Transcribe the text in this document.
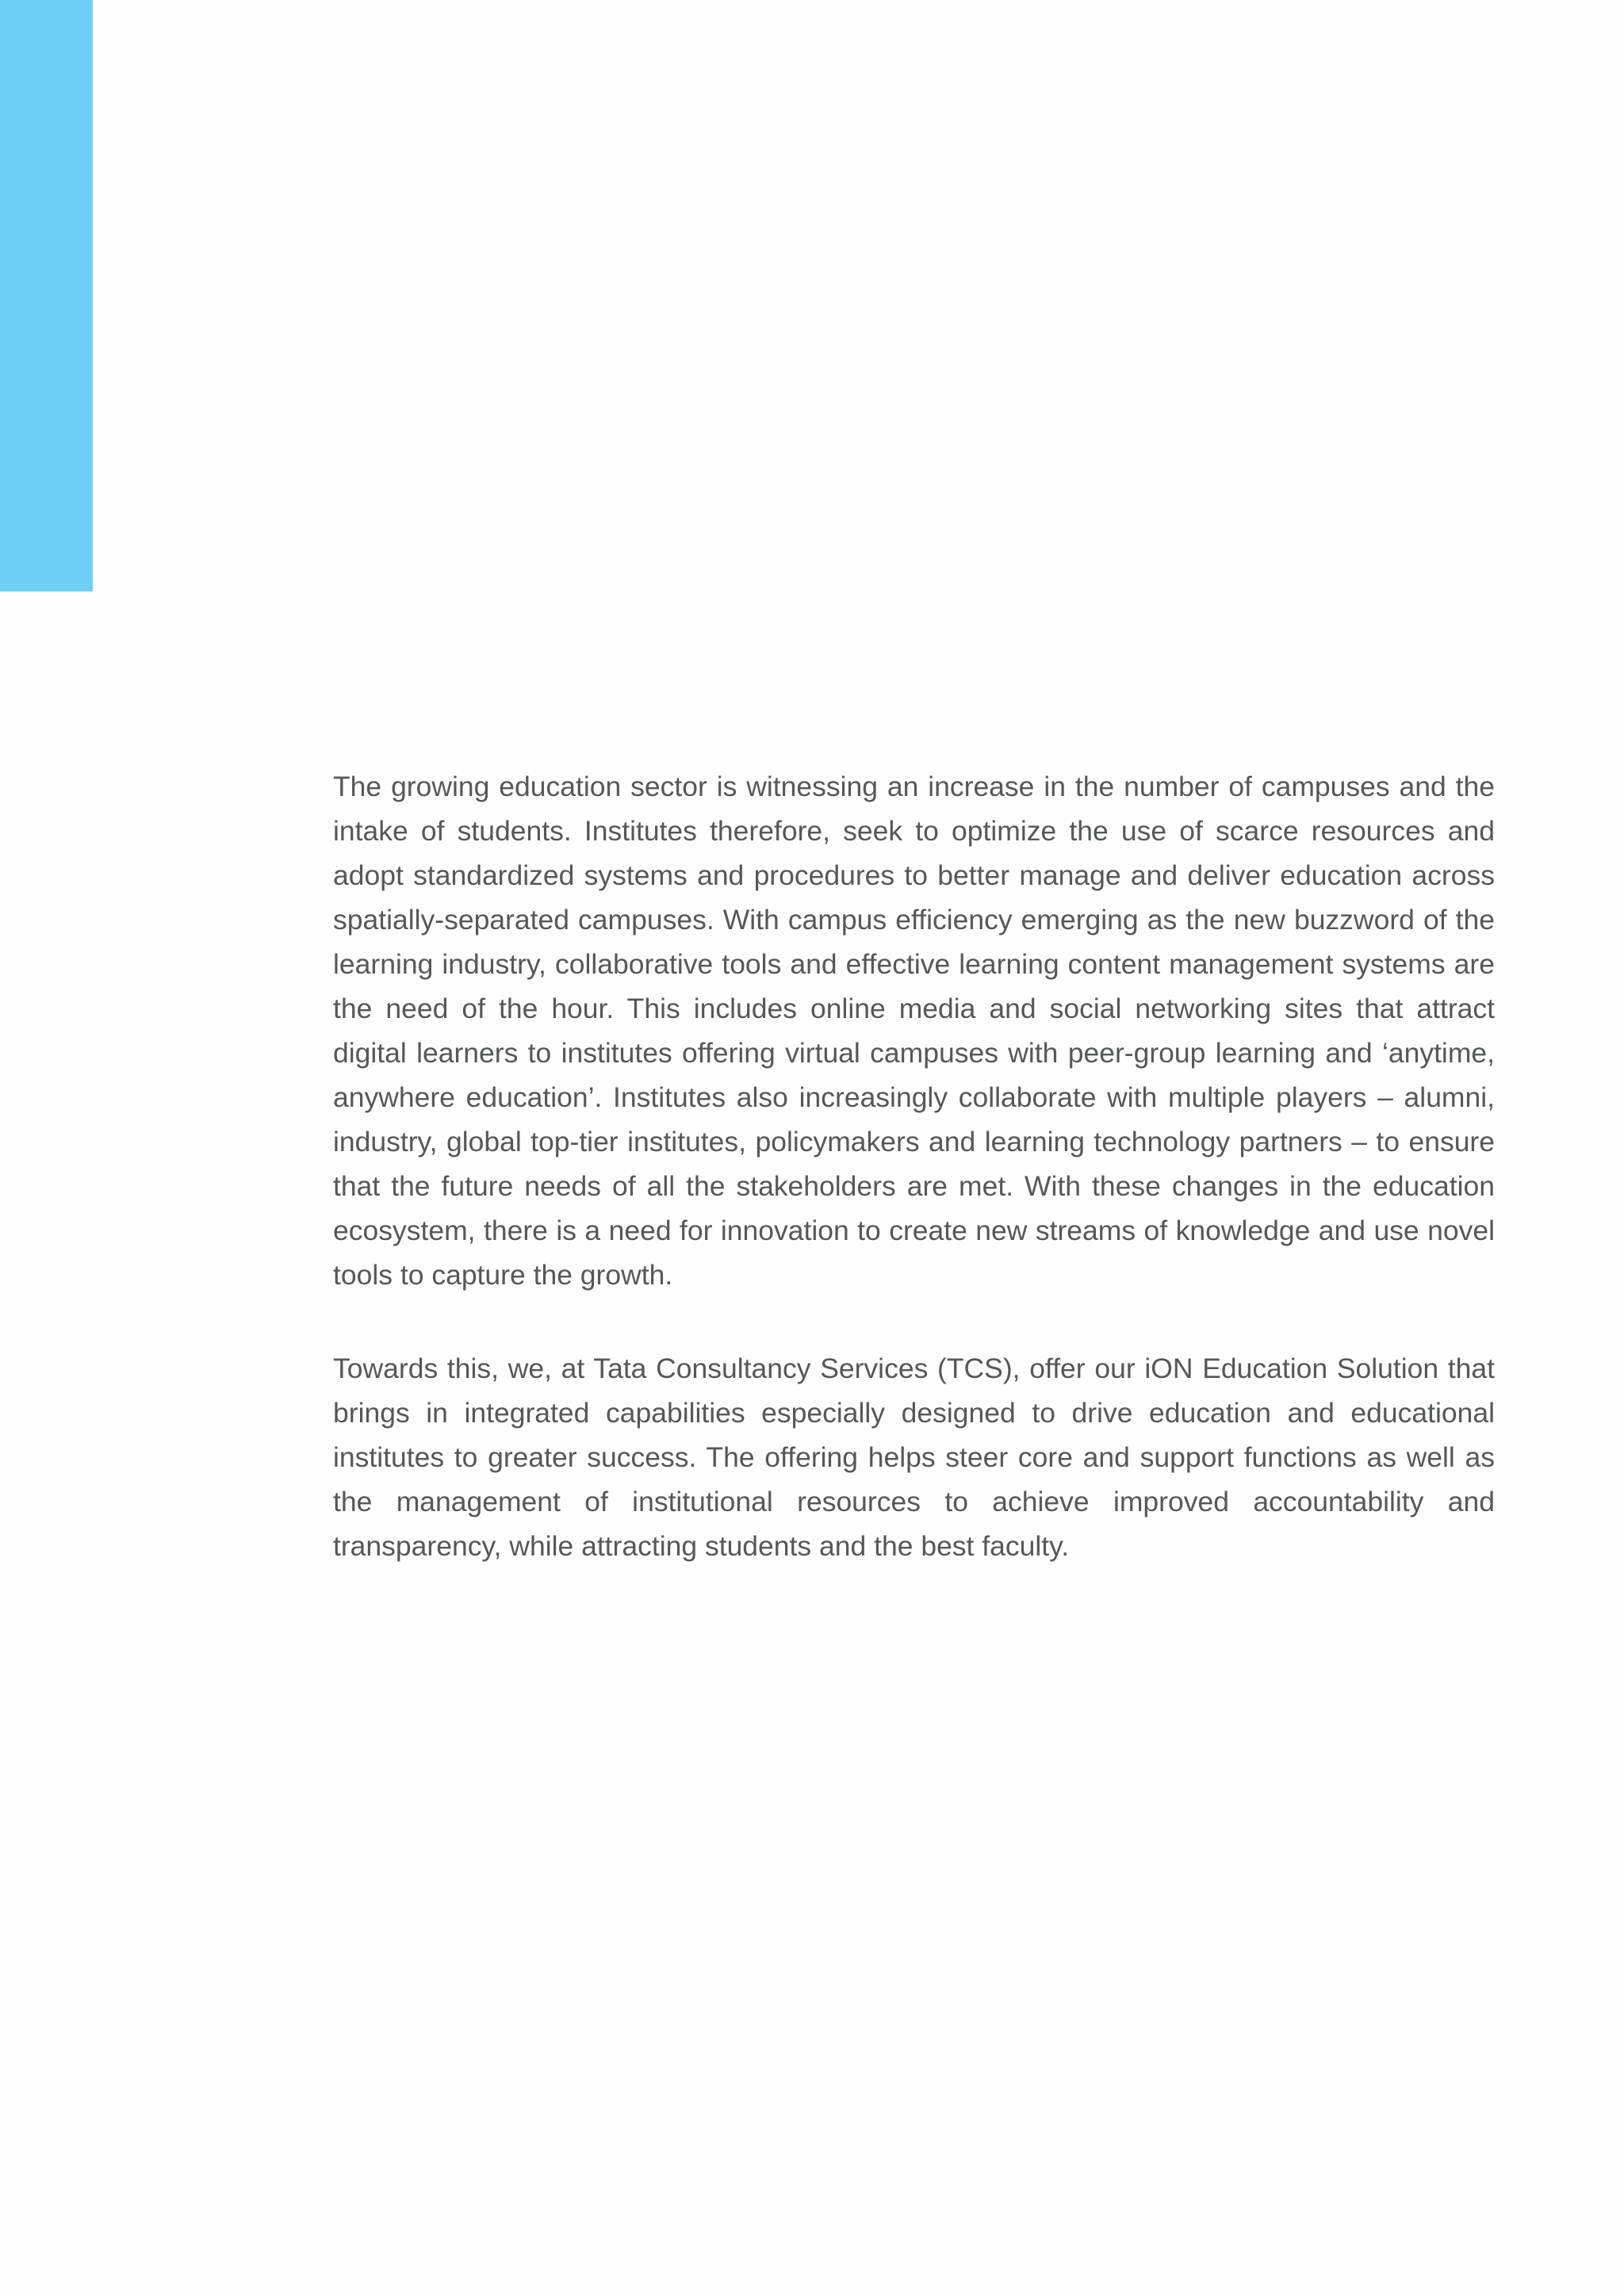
The growing education sector is witnessing an increase in the number of campuses and the intake of students. Institutes therefore, seek to optimize the use of scarce resources and adopt standardized systems and procedures to better manage and deliver education across spatially-separated campuses. With campus efficiency emerging as the new buzzword of the learning industry, collaborative tools and effective learning content management systems are the need of the hour. This includes online media and social networking sites that attract digital learners to institutes offering virtual campuses with peer-group learning and ‘anytime, anywhere education’. Institutes also increasingly collaborate with multiple players – alumni, industry, global top-tier institutes, policymakers and learning technology partners – to ensure that the future needs of all the stakeholders are met. With these changes in the education ecosystem, there is a need for innovation to create new streams of knowledge and use novel tools to capture the growth.

Towards this, we, at Tata Consultancy Services (TCS), offer our iON Education Solution that brings in integrated capabilities especially designed to drive education and educational institutes to greater success. The offering helps steer core and support functions as well as the management of institutional resources to achieve improved accountability and transparency, while attracting students and the best faculty.
